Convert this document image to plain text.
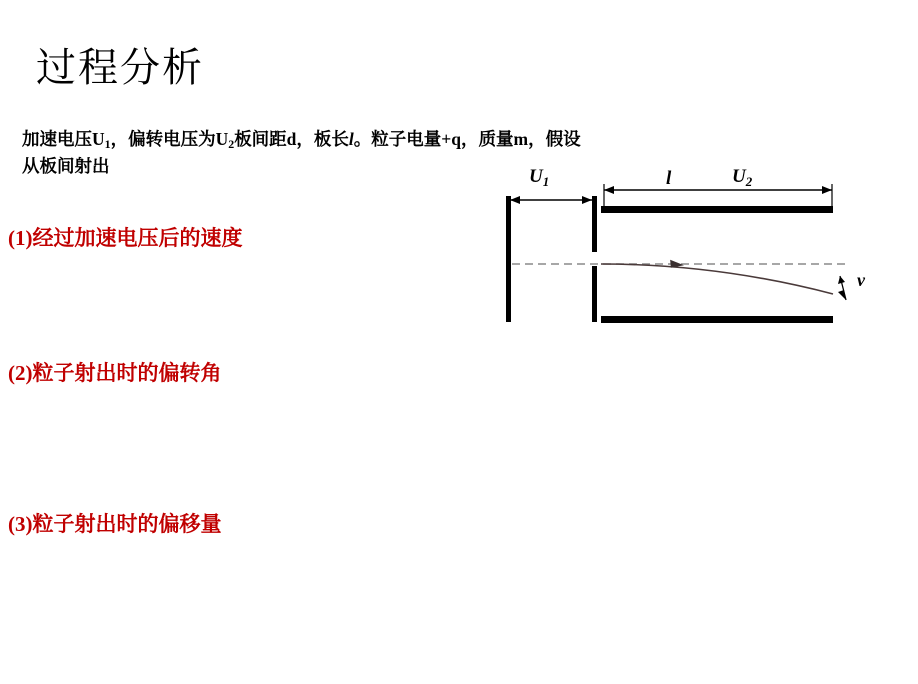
过程分析
加速电压$U_1$，偏转电压为$U_2$板间距d，板长l。粒子电量+q，质量m，假设
从板间射出
(1)经过加速电压后的速度
(2)粒子射出时的偏转角
(3)粒子射出时的偏移量
$U_1$	l	$U_2$
v
